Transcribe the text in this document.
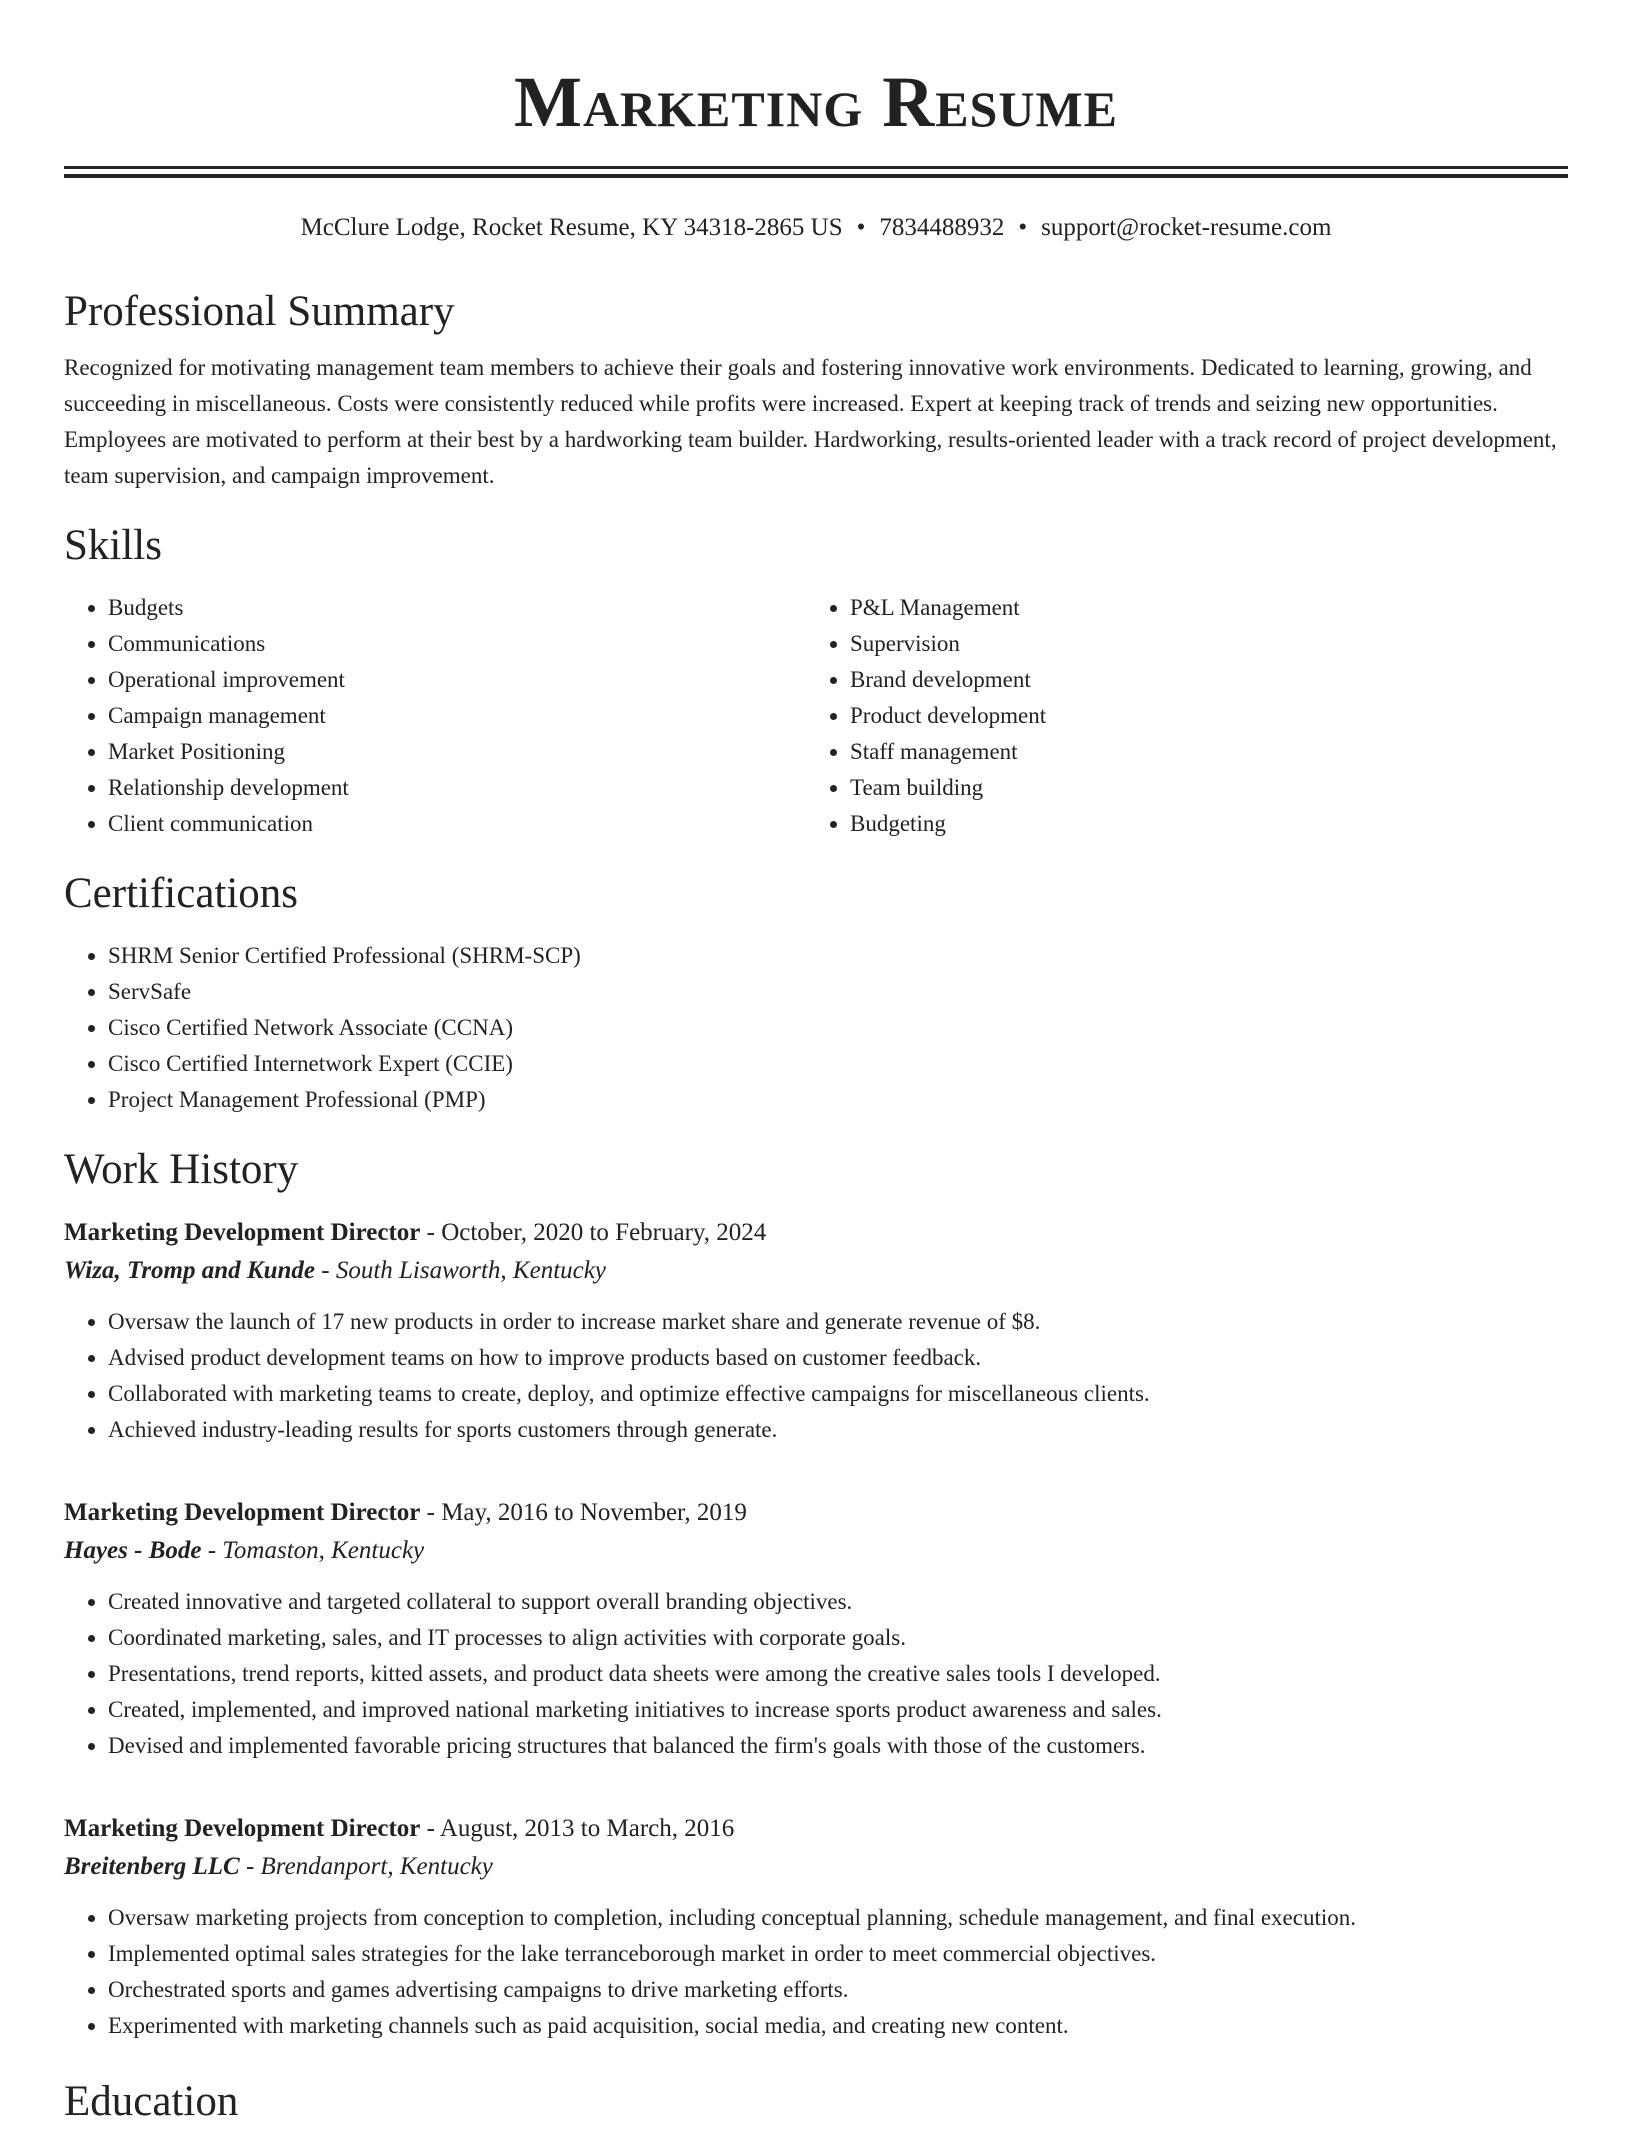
Marketing Resume
McClure Lodge, Rocket Resume, KY 34318-2865 US • 7834488932 • support@rocket-resume.com
Professional Summary

Recognized for motivating management team members to achieve their goals and fostering innovative work environments. Dedicated to learning, growing, and succeeding in miscellaneous. Costs were consistently reduced while profits were increased. Expert at keeping track of trends and seizing new opportunities. Employees are motivated to perform at their best by a hardworking team builder. Hardworking, results-oriented leader with a track record of project development, team supervision, and campaign improvement.

Skills
• Budgets
• Communications
• Operational improvement
• Campaign management
• Market Positioning
• Relationship development
• Client communication
• P&L Management
• Supervision
• Brand development
• Product development
• Staff management
• Team building
• Budgeting
Certifications
• SHRM Senior Certified Professional (SHRM-SCP)
• ServSafe
• Cisco Certified Network Associate (CCNA)
• Cisco Certified Internetwork Expert (CCIE)
• Project Management Professional (PMP)
Work History
Marketing Development Director - October, 2020 to February, 2024
Wiza, Tromp and Kunde - South Lisaworth, Kentucky
• Oversaw the launch of 17 new products in order to increase market share and generate revenue of $8.
• Advised product development teams on how to improve products based on customer feedback.
• Collaborated with marketing teams to create, deploy, and optimize effective campaigns for miscellaneous clients.
• Achieved industry-leading results for sports customers through generate.
Marketing Development Director - May, 2016 to November, 2019
Hayes - Bode - Tomaston, Kentucky
• Created innovative and targeted collateral to support overall branding objectives.
• Coordinated marketing, sales, and IT processes to align activities with corporate goals.
• Presentations, trend reports, kitted assets, and product data sheets were among the creative sales tools I developed.
• Created, implemented, and improved national marketing initiatives to increase sports product awareness and sales.
• Devised and implemented favorable pricing structures that balanced the firm's goals with those of the customers.
Marketing Development Director - August, 2013 to March, 2016
Breitenberg LLC - Brendanport, Kentucky
• Oversaw marketing projects from conception to completion, including conceptual planning, schedule management, and final execution.
• Implemented optimal sales strategies for the lake terranceborough market in order to meet commercial objectives.
• Orchestrated sports and games advertising campaigns to drive marketing efforts.
• Experimented with marketing channels such as paid acquisition, social media, and creating new content.
Education
